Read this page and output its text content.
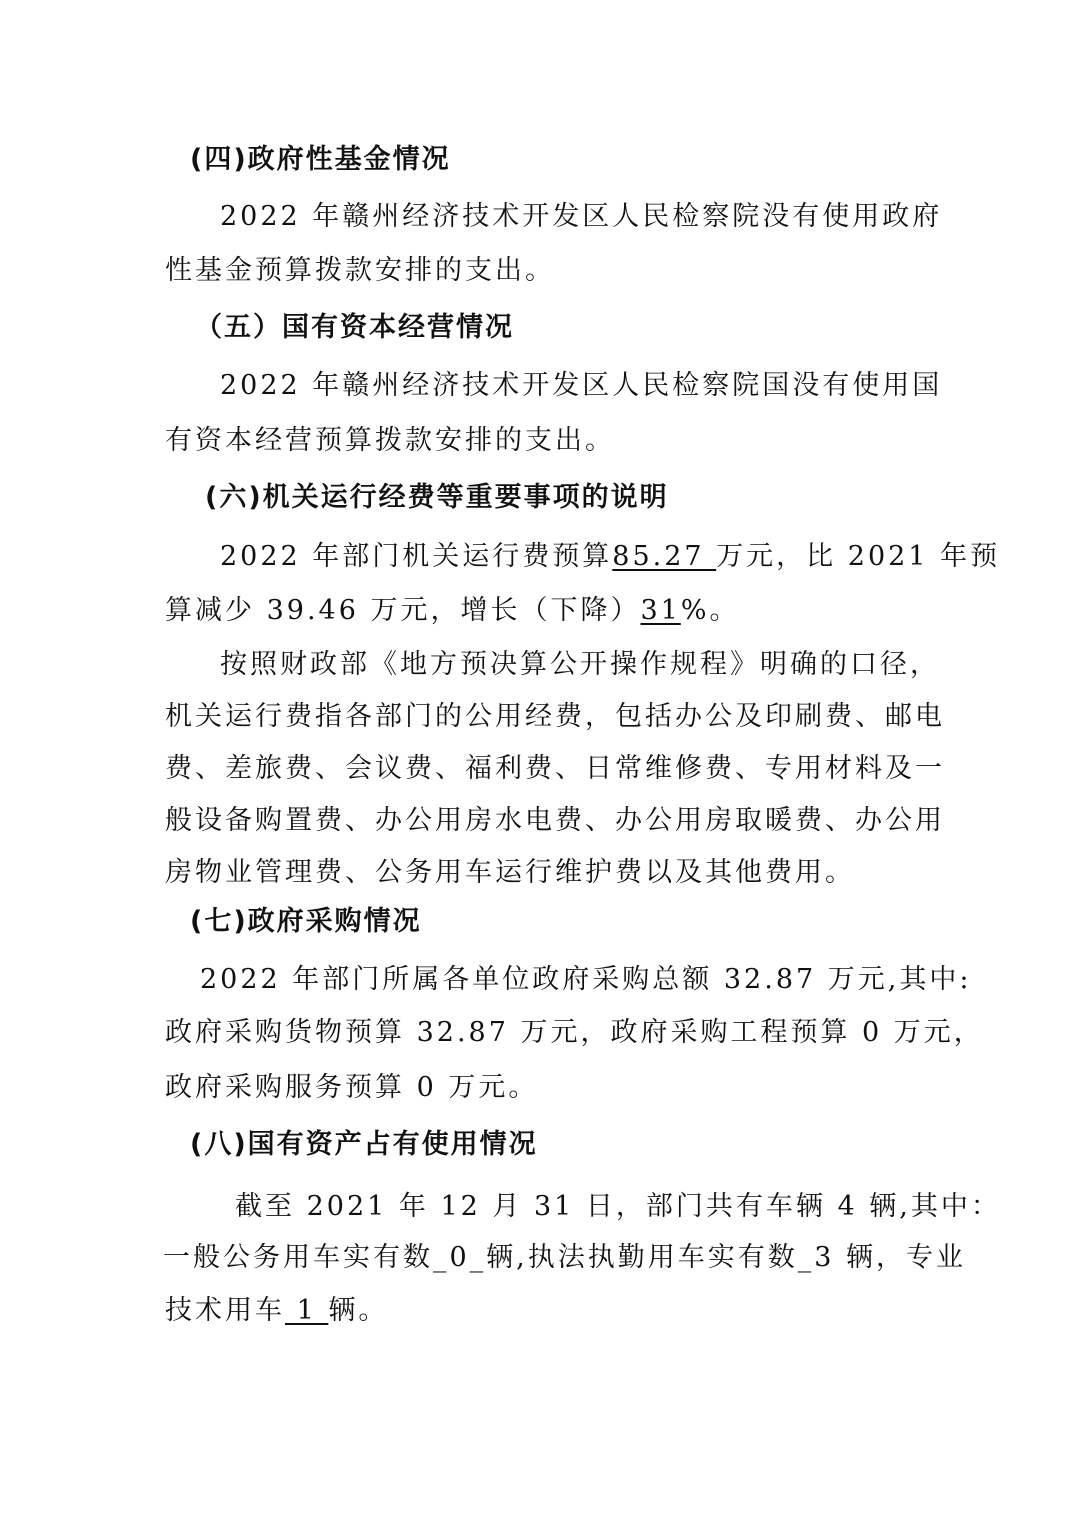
(四)政府性基金情况
2022 年赣州经济技术开发区人民检察院没有使用政府
性基金预算拨款安排的支出。
（五）国有资本经营情况
2022 年赣州经济技术开发区人民检察院国没有使用国
有资本经营预算拨款安排的支出。
(六)机关运行经费等重要事项的说明
2022 年部门机关运行费预算85.27 万元，比 2021 年预
算减少 39.46 万元，增长（下降）31%。
按照财政部《地方预决算公开操作规程》明确的口径，
机关运行费指各部门的公用经费，包括办公及印刷费、邮电
费、差旅费、会议费、福利费、日常维修费、专用材料及一
般设备购置费、办公用房水电费、办公用房取暖费、办公用
房物业管理费、公务用车运行维护费以及其他费用。
(七)政府采购情况
2022 年部门所属各单位政府采购总额 32.87 万元,其中:
政府采购货物预算 32.87 万元，政府采购工程预算 0 万元，
政府采购服务预算 0 万元。
(八)国有资产占有使用情况
截至 2021 年 12 月 31 日，部门共有车辆 4 辆,其中：
一般公务用车实有数_0_辆,执法执勤用车实有数_3 辆，专业
技术用车 1 辆。
